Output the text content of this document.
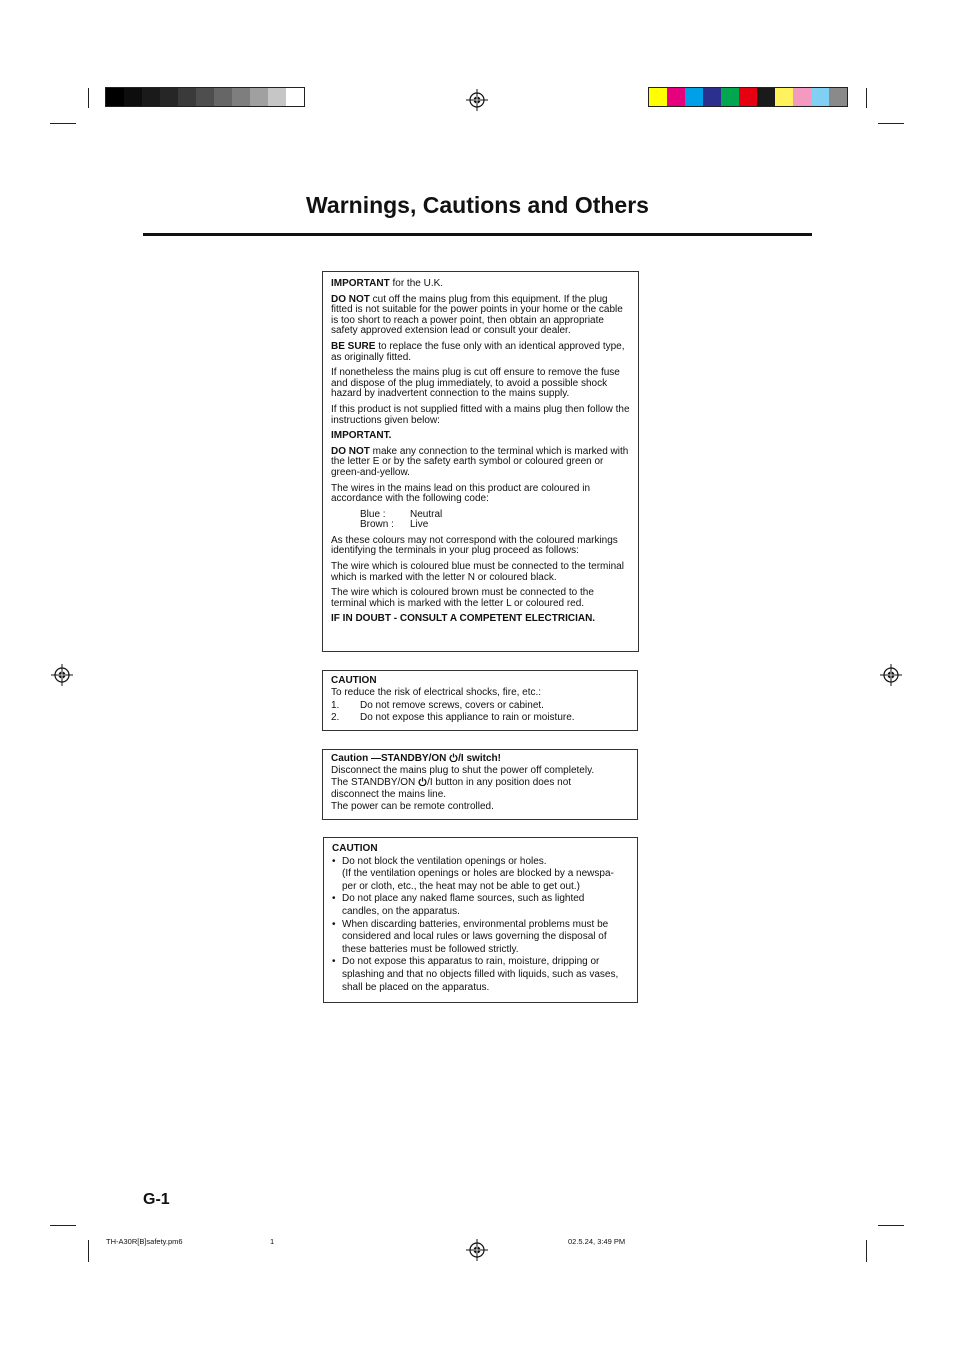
Warnings, Cautions and Others

IMPORTANT for the U.K.

DO NOT cut off the mains plug from this equipment. If the plug fitted is not suitable for the power points in your home or the cable is too short to reach a power point, then obtain an appropriate safety approved extension lead or consult your dealer.

BE SURE to replace the fuse only with an identical approved type, as originally fitted.

If nonetheless the mains plug is cut off ensure to remove the fuse and dispose of the plug immediately, to avoid a possible shock hazard by inadvertent connection to the mains supply.

If this product is not supplied fitted with a mains plug then follow the instructions given below:

IMPORTANT.

DO NOT make any connection to the terminal which is marked with the letter E or by the safety earth symbol or coloured green or green-and-yellow.

The wires in the mains lead on this product are coloured in accordance with the following code:

Blue :	Neutral
Brown :	Live

As these colours may not correspond with the coloured markings identifying the terminals in your plug proceed as follows:

The wire which is coloured blue must be connected to the terminal which is marked with the letter N or coloured black.

The wire which is coloured brown must be connected to the terminal which is marked with the letter L or coloured red.

IF IN DOUBT - CONSULT A COMPETENT ELECTRICIAN.

CAUTION
To reduce the risk of electrical shocks, fire, etc.:
1.	Do not remove screws, covers or cabinet.
2.	Do not expose this appliance to rain or moisture.
Caution —STANDBY/ON /I switch!
Disconnect the mains plug to shut the power off completely.
The STANDBY/ON /I button in any position does not
disconnect the mains line.
The power can be remote controlled.
CAUTION
• Do not block the ventilation openings or holes.
(If the ventilation openings or holes are blocked by a newspa-
per or cloth, etc., the heat may not be able to get out.)
• Do not place any naked flame sources, such as lighted
candles, on the apparatus.
• When discarding batteries, environmental problems must be
considered and local rules or laws governing the disposal of
these batteries must be followed strictly.
• Do not expose this apparatus to rain, moisture, dripping or
splashing and that no objects filled with liquids, such as vases,
shall be placed on the apparatus.
G-1
TH-A30R[B]safety.pm6	1	02.5.24, 3:49 PM
